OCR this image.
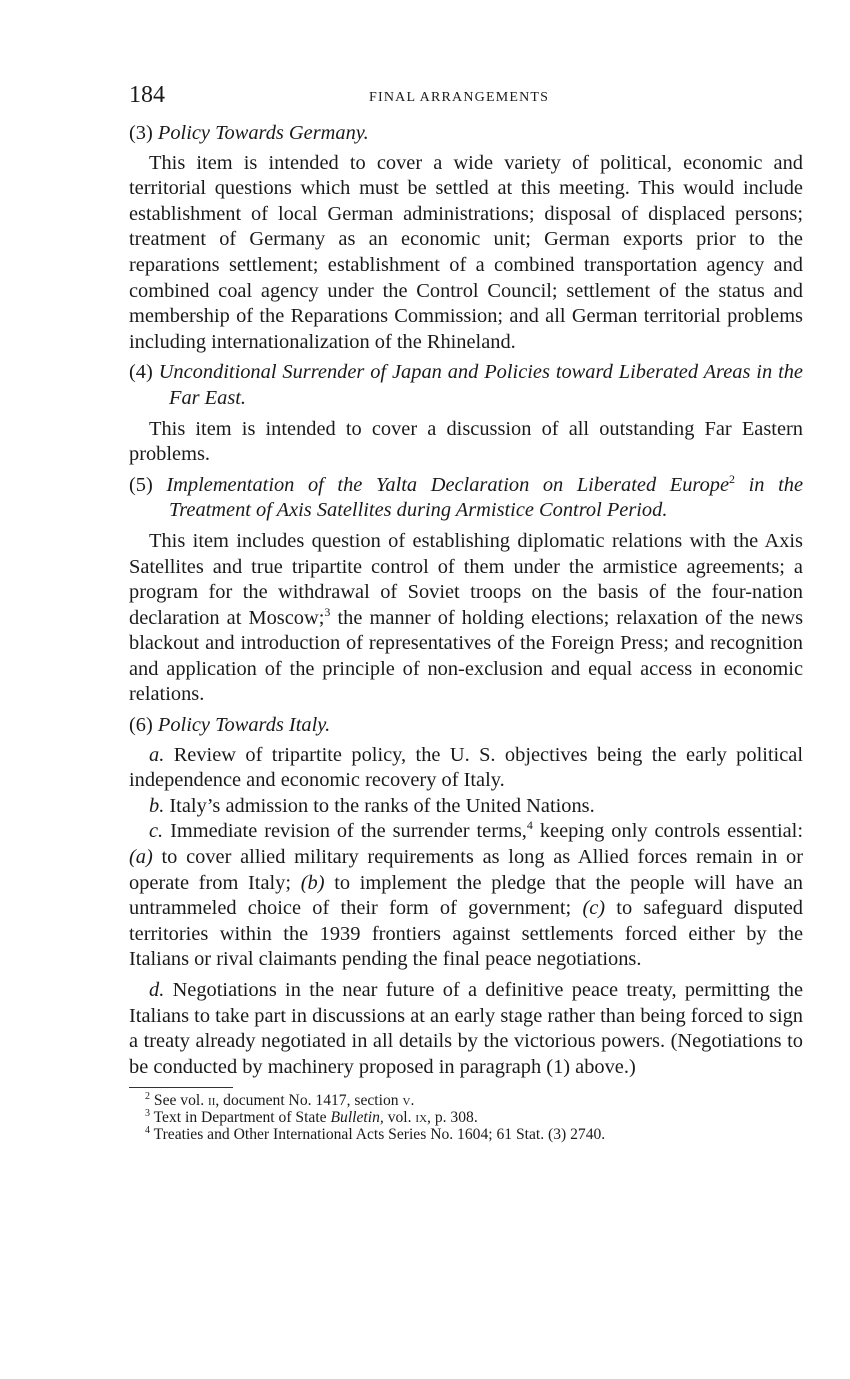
184	FINAL ARRANGEMENTS

(3) Policy Towards Germany.

This item is intended to cover a wide variety of political, economic and territorial questions which must be settled at this meeting. This would include establishment of local German administrations; disposal of displaced persons; treatment of Germany as an economic unit; German exports prior to the reparations settlement; establishment of a combined transportation agency and combined coal agency under the Control Council; settlement of the status and membership of the Reparations Commission; and all German territorial problems including internationalization of the Rhineland.

(4) Unconditional Surrender of Japan and Policies toward Liberated Areas in the Far East.

This item is intended to cover a discussion of all outstanding Far Eastern problems.

(5) Implementation of the Yalta Declaration on Liberated Europe$^2$ in the Treatment of Axis Satellites during Armistice Control Period.

This item includes question of establishing diplomatic relations with the Axis Satellites and true tripartite control of them under the armistice agreements; a program for the withdrawal of Soviet troops on the basis of the four-nation declaration at Moscow;$^3$ the manner of holding elections; relaxation of the news blackout and introduction of representatives of the Foreign Press; and recognition and application of the principle of non-exclusion and equal access in economic relations.

(6) Policy Towards Italy.

a. Review of tripartite policy, the U. S. objectives being the early political independence and economic recovery of Italy.

b. Italy’s admission to the ranks of the United Nations.

c. Immediate revision of the surrender terms,$^4$ keeping only controls essential: (a) to cover allied military requirements as long as Allied forces remain in or operate from Italy; (b) to implement the pledge that the people will have an untrammeled choice of their form of government; (c) to safeguard disputed territories within the 1939 frontiers against settlements forced either by the Italians or rival claimants pending the final peace negotiations.

d. Negotiations in the near future of a definitive peace treaty, permitting the Italians to take part in discussions at an early stage rather than being forced to sign a treaty already negotiated in all details by the victorious powers. (Negotiations to be conducted by machinery proposed in paragraph (1) above.)

$^2$ See vol. ii, document No. 1417, section v.
$^3$ Text in Department of State Bulletin, vol. ix, p. 308.
$^4$ Treaties and Other International Acts Series No. 1604; 61 Stat. (3) 2740.
